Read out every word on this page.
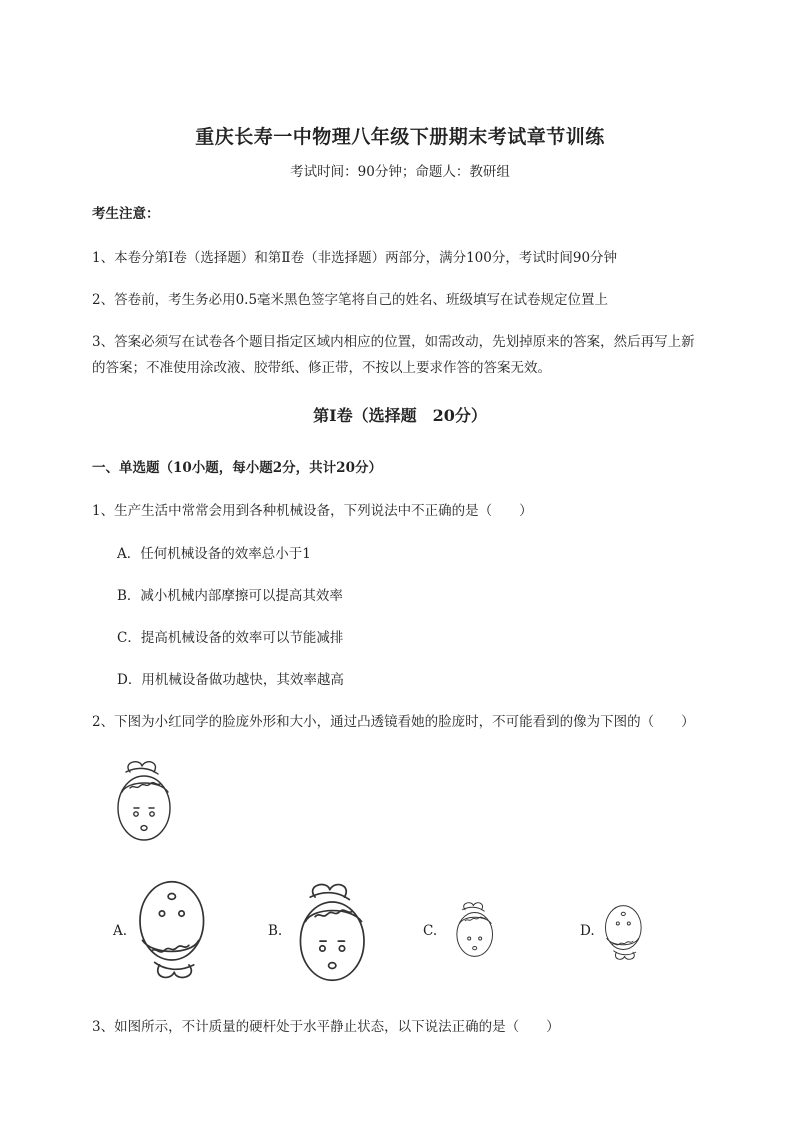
重庆长寿一中物理八年级下册期末考试章节训练
考试时间：90分钟；命题人：教研组
考生注意：
1、本卷分第I卷（选择题）和第Ⅱ卷（非选择题）两部分，满分100分，考试时间90分钟
2、答卷前，考生务必用0.5毫米黑色签字笔将自己的姓名、班级填写在试卷规定位置上
3、答案必须写在试卷各个题目指定区域内相应的位置，如需改动，先划掉原来的答案，然后再写上新
的答案；不准使用涂改液、胶带纸、修正带，不按以上要求作答的答案无效。
第I卷（选择题　20分）
一、单选题（10小题，每小题2分，共计20分）
1、生产生活中常常会用到各种机械设备，下列说法中不正确的是（　　）
A．任何机械设备的效率总小于1
B．减小机械内部摩擦可以提高其效率
C．提高机械设备的效率可以节能减排
D．用机械设备做功越快，其效率越高
2、下图为小红同学的脸庞外形和大小，通过凸透镜看她的脸庞时，不可能看到的像为下图的（　　）
A.	B.	C.	D.
3、如图所示，不计质量的硬杆处于水平静止状态，以下说法正确的是（　　）
